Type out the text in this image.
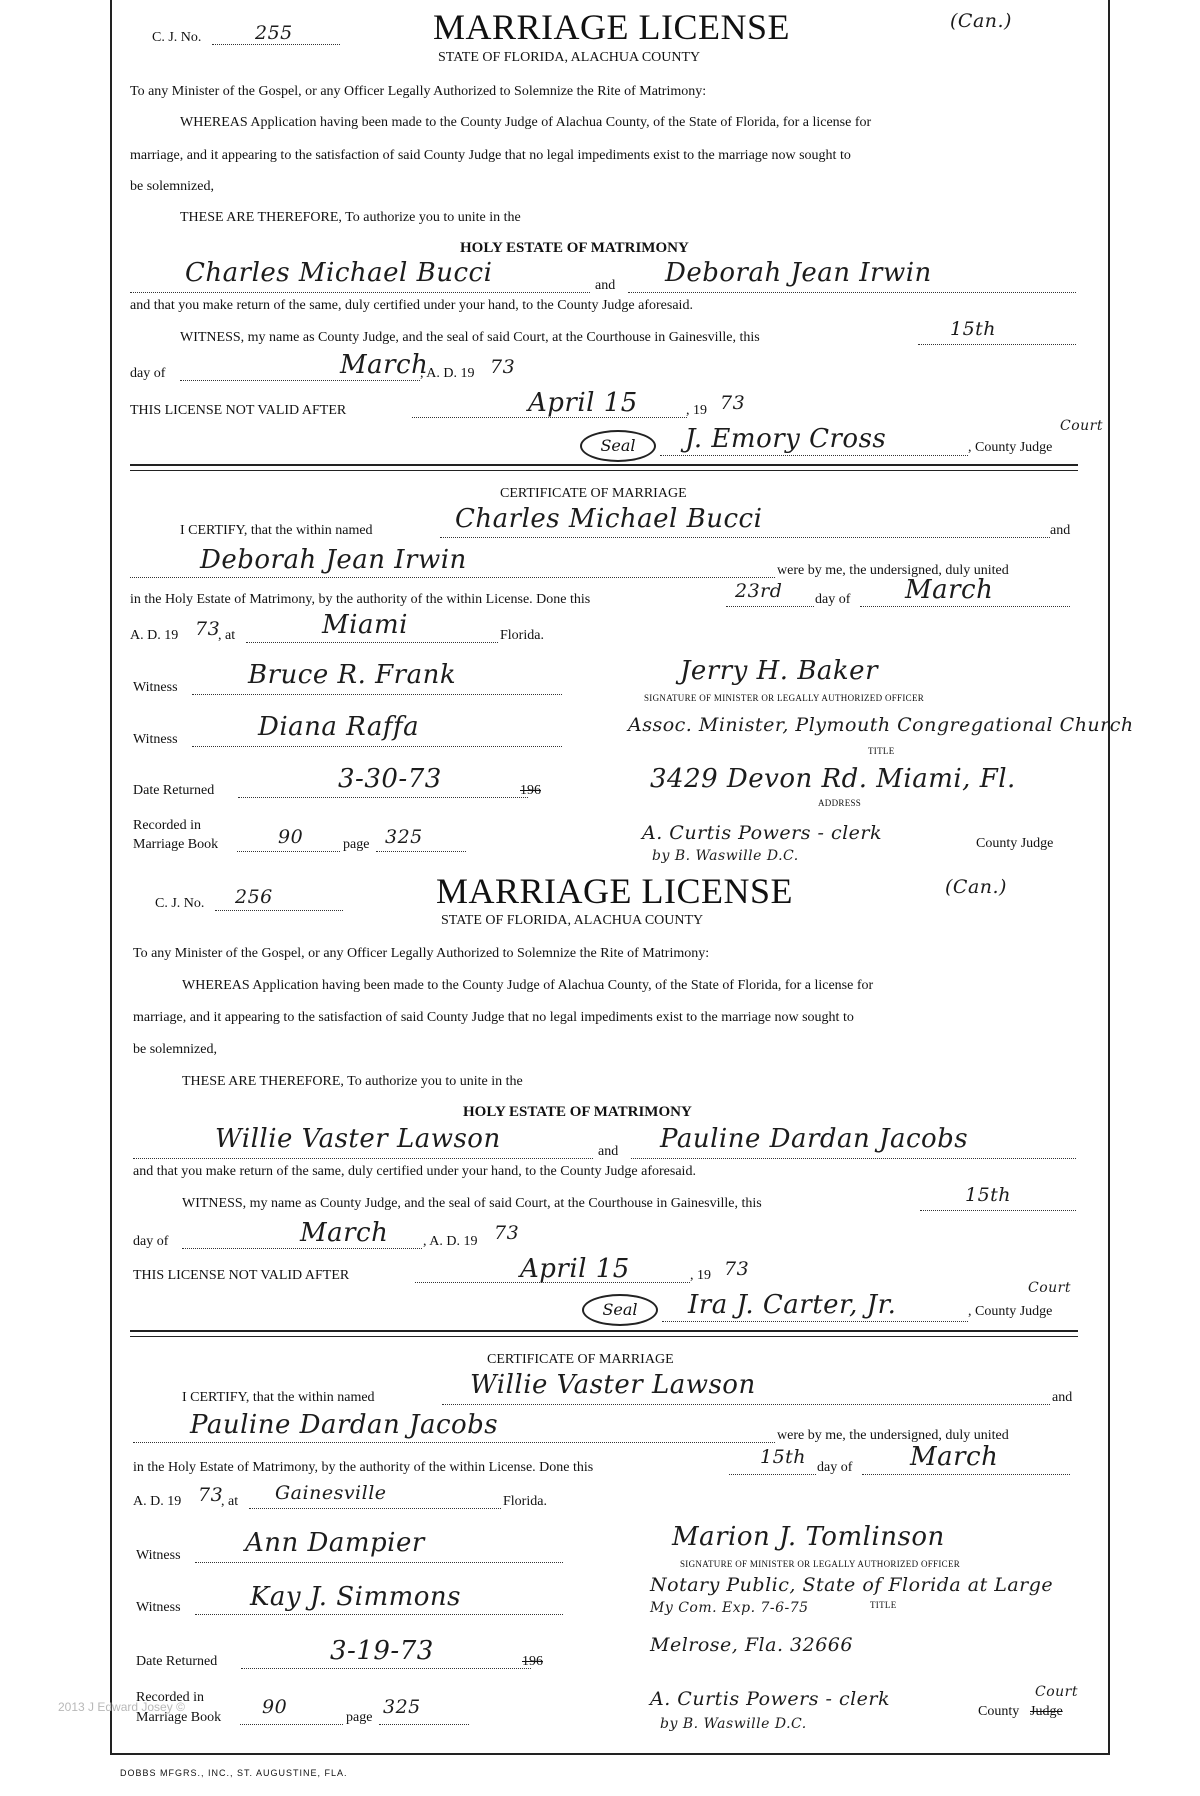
C. J. No.	255	MARRIAGE LICENSE
STATE OF FLORIDA, ALACHUA COUNTY
(Can.)
To any Minister of the Gospel, or any Officer Legally Authorized to Solemnize the Rite of Matrimony:
WHEREAS Application having been made to the County Judge of Alachua County, of the State of Florida, for a license for
marriage, and it appearing to the satisfaction of said County Judge that no legal impediments exist to the marriage now sought to
be solemnized,
THESE ARE THEREFORE, To authorize you to unite in the
HOLY ESTATE OF MATRIMONY
Charles Michael Bucci	and Deborah Jean Irwin
and that you make return of the same, duly certified under your hand, to the County Judge aforesaid.
WITNESS, my name as County Judge, and the seal of said Court, at the Courthouse in Gainesville, this	15th
day of	March
, A. D. 19 73
THIS LICENSE NOT VALID AFTER	April 15	, 19 73
Seal	J. Emory Cross	, County Judge
Court
CERTIFICATE OF MARRIAGE
I CERTIFY, that the within named	Charles Michael Bucci	and
Deborah Jean Irwin	were by me, the undersigned, duly united
in the Holy Estate of Matrimony, by the authority of the within License. Done this	23rd day of March
A. D. 19 73
, at	Miami	Florida.
Witness	Bruce R. Frank	Jerry H. Baker
SIGNATURE OF MINISTER OR LEGALLY AUTHORIZED OFFICER
Witness	Diana Raffa	Assoc. Minister, Plymouth Congregational Church
TITLE
Date Returned	3-30-73	196	3429 Devon Rd. Miami, Fl.
ADDRESS
Recorded in
Marriage Book	90	page 325	A. Curtis Powers - clerk
by B. Waswille D.C.
County Judge
C. J. No. 256	MARRIAGE LICENSE
STATE OF FLORIDA, ALACHUA COUNTY
(Can.)
To any Minister of the Gospel, or any Officer Legally Authorized to Solemnize the Rite of Matrimony:
WHEREAS Application having been made to the County Judge of Alachua County, of the State of Florida, for a license for
marriage, and it appearing to the satisfaction of said County Judge that no legal impediments exist to the marriage now sought to
be solemnized,
THESE ARE THEREFORE, To authorize you to unite in the
HOLY ESTATE OF MATRIMONY
Willie Vaster Lawson	and Pauline Dardan Jacobs
and that you make return of the same, duly certified under your hand, to the County Judge aforesaid.
WITNESS, my name as County Judge, and the seal of said Court, at the Courthouse in Gainesville, this	15th
day of	March , A. D. 19 73
THIS LICENSE NOT VALID AFTER	April 15	, 19 73
Seal	Ira J. Carter, Jr.	, County Judge
Court
CERTIFICATE OF MARRIAGE
I CERTIFY, that the within named	Willie Vaster Lawson	and
Pauline Dardan Jacobs	were by me, the undersigned, duly united
in the Holy Estate of Matrimony, by the authority of the within License. Done this	15th day of March
A. D. 19 73
, at Gainesville	Florida.
Witness Ann Dampier	Marion J. Tomlinson
SIGNATURE OF MINISTER OR LEGALLY AUTHORIZED OFFICER
Witness	Kay J. Simmons	Notary Public, State of Florida at Large
My Com. Exp. 7-6-75	TITLE
Date Returned	3-19-73	196
Melrose, Fla. 32666
Recorded in
Marriage Book 90	page 325	A. Curtis Powers - clerk
by B. Waswille D.C.
County Judge
Court
2013 J Edward Josey ©
DOBBS MFGRS., INC., ST. AUGUSTINE, FLA.
